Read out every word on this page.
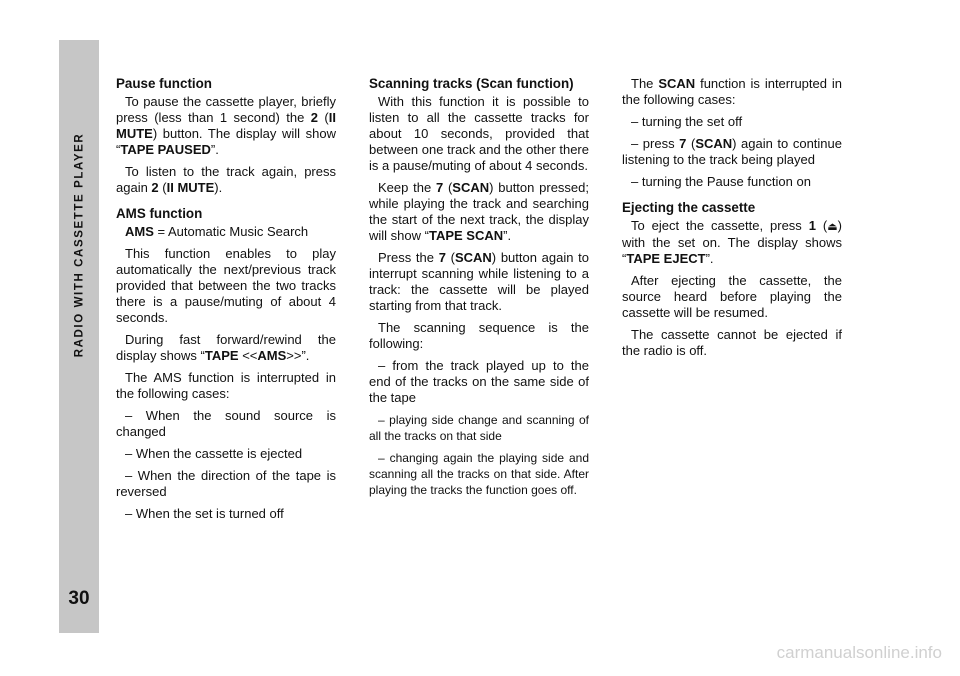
RADIO WITH CASSETTE PLAYER
30

Pause function

To pause the cassette player, briefly press (less than 1 second) the 2 (II MUTE) button. The display will show “TAPE PAUSED”.

To listen to the track again, press again 2 (II MUTE).

AMS function

AMS = Automatic Music Search

This function enables to play automatically the next/previous track provided that between the two tracks there is a pause/muting of about 4 seconds.

During fast forward/rewind the display shows “TAPE <<AMS>>”.

The AMS function is interrupted in the following cases:

– When the sound source is changed

– When the cassette is ejected

– When the direction of the tape is reversed

– When the set is turned off

Scanning tracks (Scan function)

With this function it is possible to listen to all the cassette tracks for about 10 seconds, provided that between one track and the other there is a pause/muting of about 4 seconds.

Keep the 7 (SCAN) button pressed; while playing the track and searching the start of the next track, the display will show “TAPE SCAN”.

Press the 7 (SCAN) button again to interrupt scanning while listening to a track: the cassette will be played starting from that track.

The scanning sequence is the following:

– from the track played up to the end of the tracks on the same side of the tape

– playing side change and scanning of all the tracks on that side

– changing again the playing side and scanning all the tracks on that side. After playing the tracks the function goes off.

The SCAN function is interrupted in the following cases:

– turning the set off

– press 7 (SCAN) again to continue listening to the track being played

– turning the Pause function on

Ejecting the cassette

To eject the cassette, press 1 (⏏) with the set on. The display shows “TAPE EJECT”.

After ejecting the cassette, the source heard before playing the cassette will be resumed.

The cassette cannot be ejected if the radio is off.

carmanualsonline.info
